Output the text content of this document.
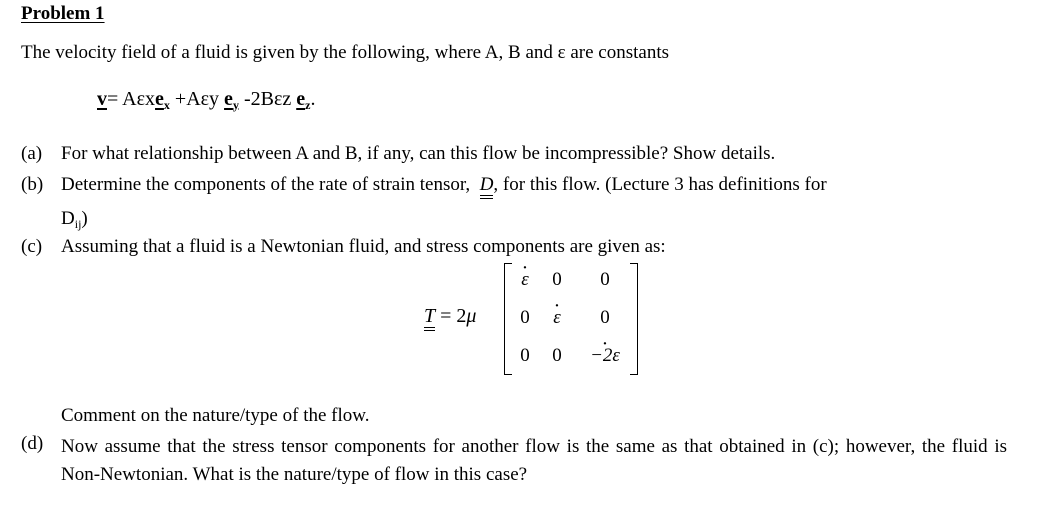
Problem 1
The velocity field of a fluid is given by the following, where A, B and ε are constants
v= Aεxe$_x$ +Aεy $e_y$ -2Bεz $e_z$.
(a) For what relationship between A and B, if any, can this flow be incompressible? Show details.
(b) Determine the components of the rate of strain tensor, D, for this flow. (Lecture 3 has definitions for
$D_{ij}$)
(c) Assuming that a fluid is a Newtonian fluid, and stress components are given as:
T = 2μ
· ε	0	0
0	· ε	0
0	0	· −2ε
Comment on the nature/type of the flow.
(d) Now assume that the stress tensor components for another flow is the same as that obtained in (c); however, the fluid is Non-Newtonian. What is the nature/type of flow in this case?
